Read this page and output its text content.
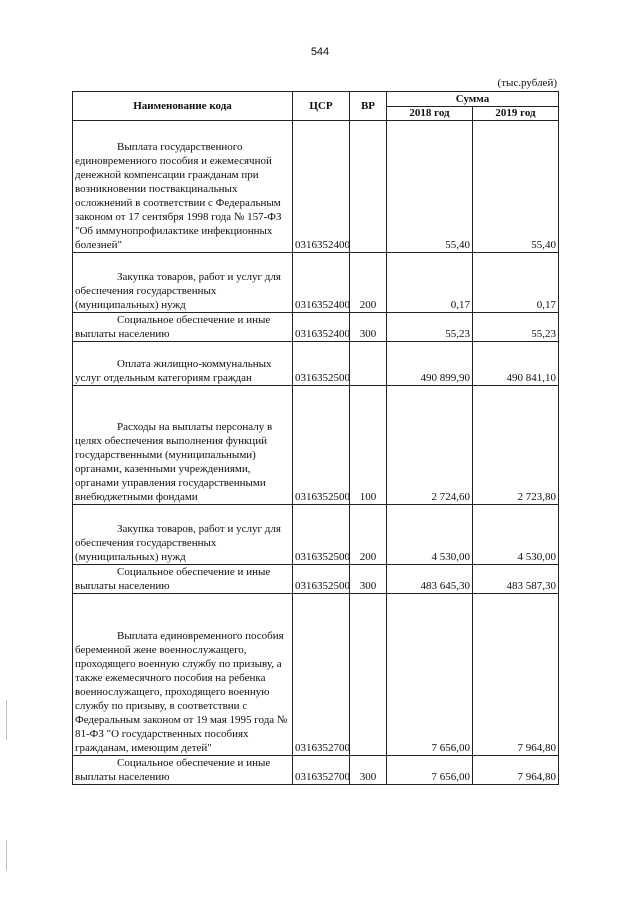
544
(тыс.рублей)
Наименование кода	ЦСР	ВР	Сумма	
			2018 год	2019 год

Выплата государственного единовременного пособия и ежемесячной денежной компенсации гражданам при возникновении поствакцинальных осложнений в соответствии с Федеральным законом от 17 сентября 1998 года № 157-ФЗ "Об иммунопрофилактике инфекционных болезней"	0316352400		55,40	55,40

Закупка товаров, работ и услуг для обеспечения государственных (муниципальных) нужд	0316352400	200	0,17	0,17

Социальное обеспечение и иные выплаты населению	0316352400	300	55,23	55,23

Оплата жилищно-коммунальных услуг отдельным категориям граждан	0316352500		490 899,90	490 841,10

Расходы на выплаты персоналу в целях обеспечения выполнения функций государственными (муниципальными) органами, казенными учреждениями, органами управления государственными внебюджетными фондами	0316352500	100	2 724,60	2 723,80

Закупка товаров, работ и услуг для обеспечения государственных (муниципальных) нужд	0316352500	200	4 530,00	4 530,00

Социальное обеспечение и иные выплаты населению	0316352500	300	483 645,30	483 587,30

Выплата единовременного пособия беременной жене военнослужащего, проходящего военную службу по призыву, а также ежемесячного пособия на ребенка военнослужащего, проходящего военную службу по призыву, в соответствии с Федеральным законом от 19 мая 1995 года № 81-ФЗ "О государственных пособиях гражданам, имеющим детей"	0316352700		7 656,00	7 964,80

Социальное обеспечение и иные выплаты населению	0316352700	300	7 656,00	7 964,80
